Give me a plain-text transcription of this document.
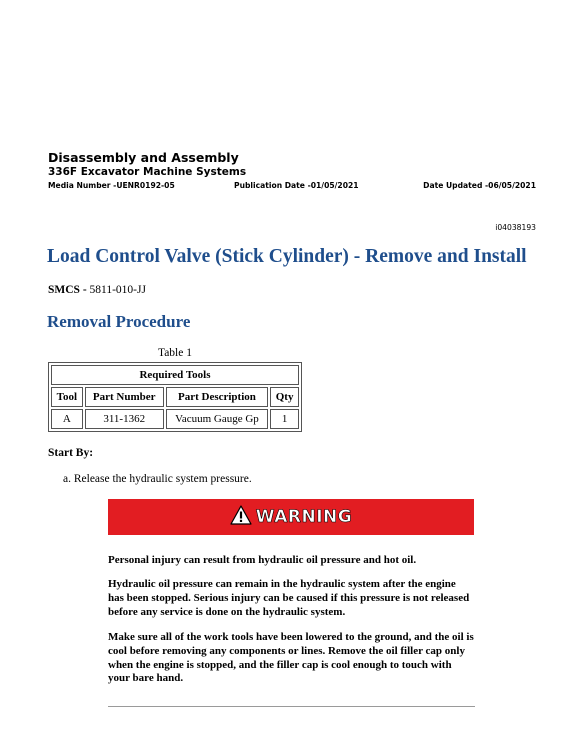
Disassembly and Assembly
336F Excavator Machine Systems
Media Number -UENR0192-05	Publication Date -01/05/2021	Date Updated -06/05/2021
i04038193
Load Control Valve (Stick Cylinder) - Remove and Install
SMCS - 5811-010-JJ
Removal Procedure
Table 1
Required Tools			
Tool	Part Number	Part Description	Qty
A	311-1362	Vacuum Gauge Gp	1
Start By:
a. Release the hydraulic system pressure.
WARNING
Personal injury can result from hydraulic oil pressure and hot oil.
Hydraulic oil pressure can remain in the hydraulic system after the engine has been stopped. Serious injury can be caused if this pressure is not released before any service is done on the hydraulic system.
Make sure all of the work tools have been lowered to the ground, and the oil is cool before removing any components or lines. Remove the oil filler cap only when the engine is stopped, and the filler cap is cool enough to touch with your bare hand.
